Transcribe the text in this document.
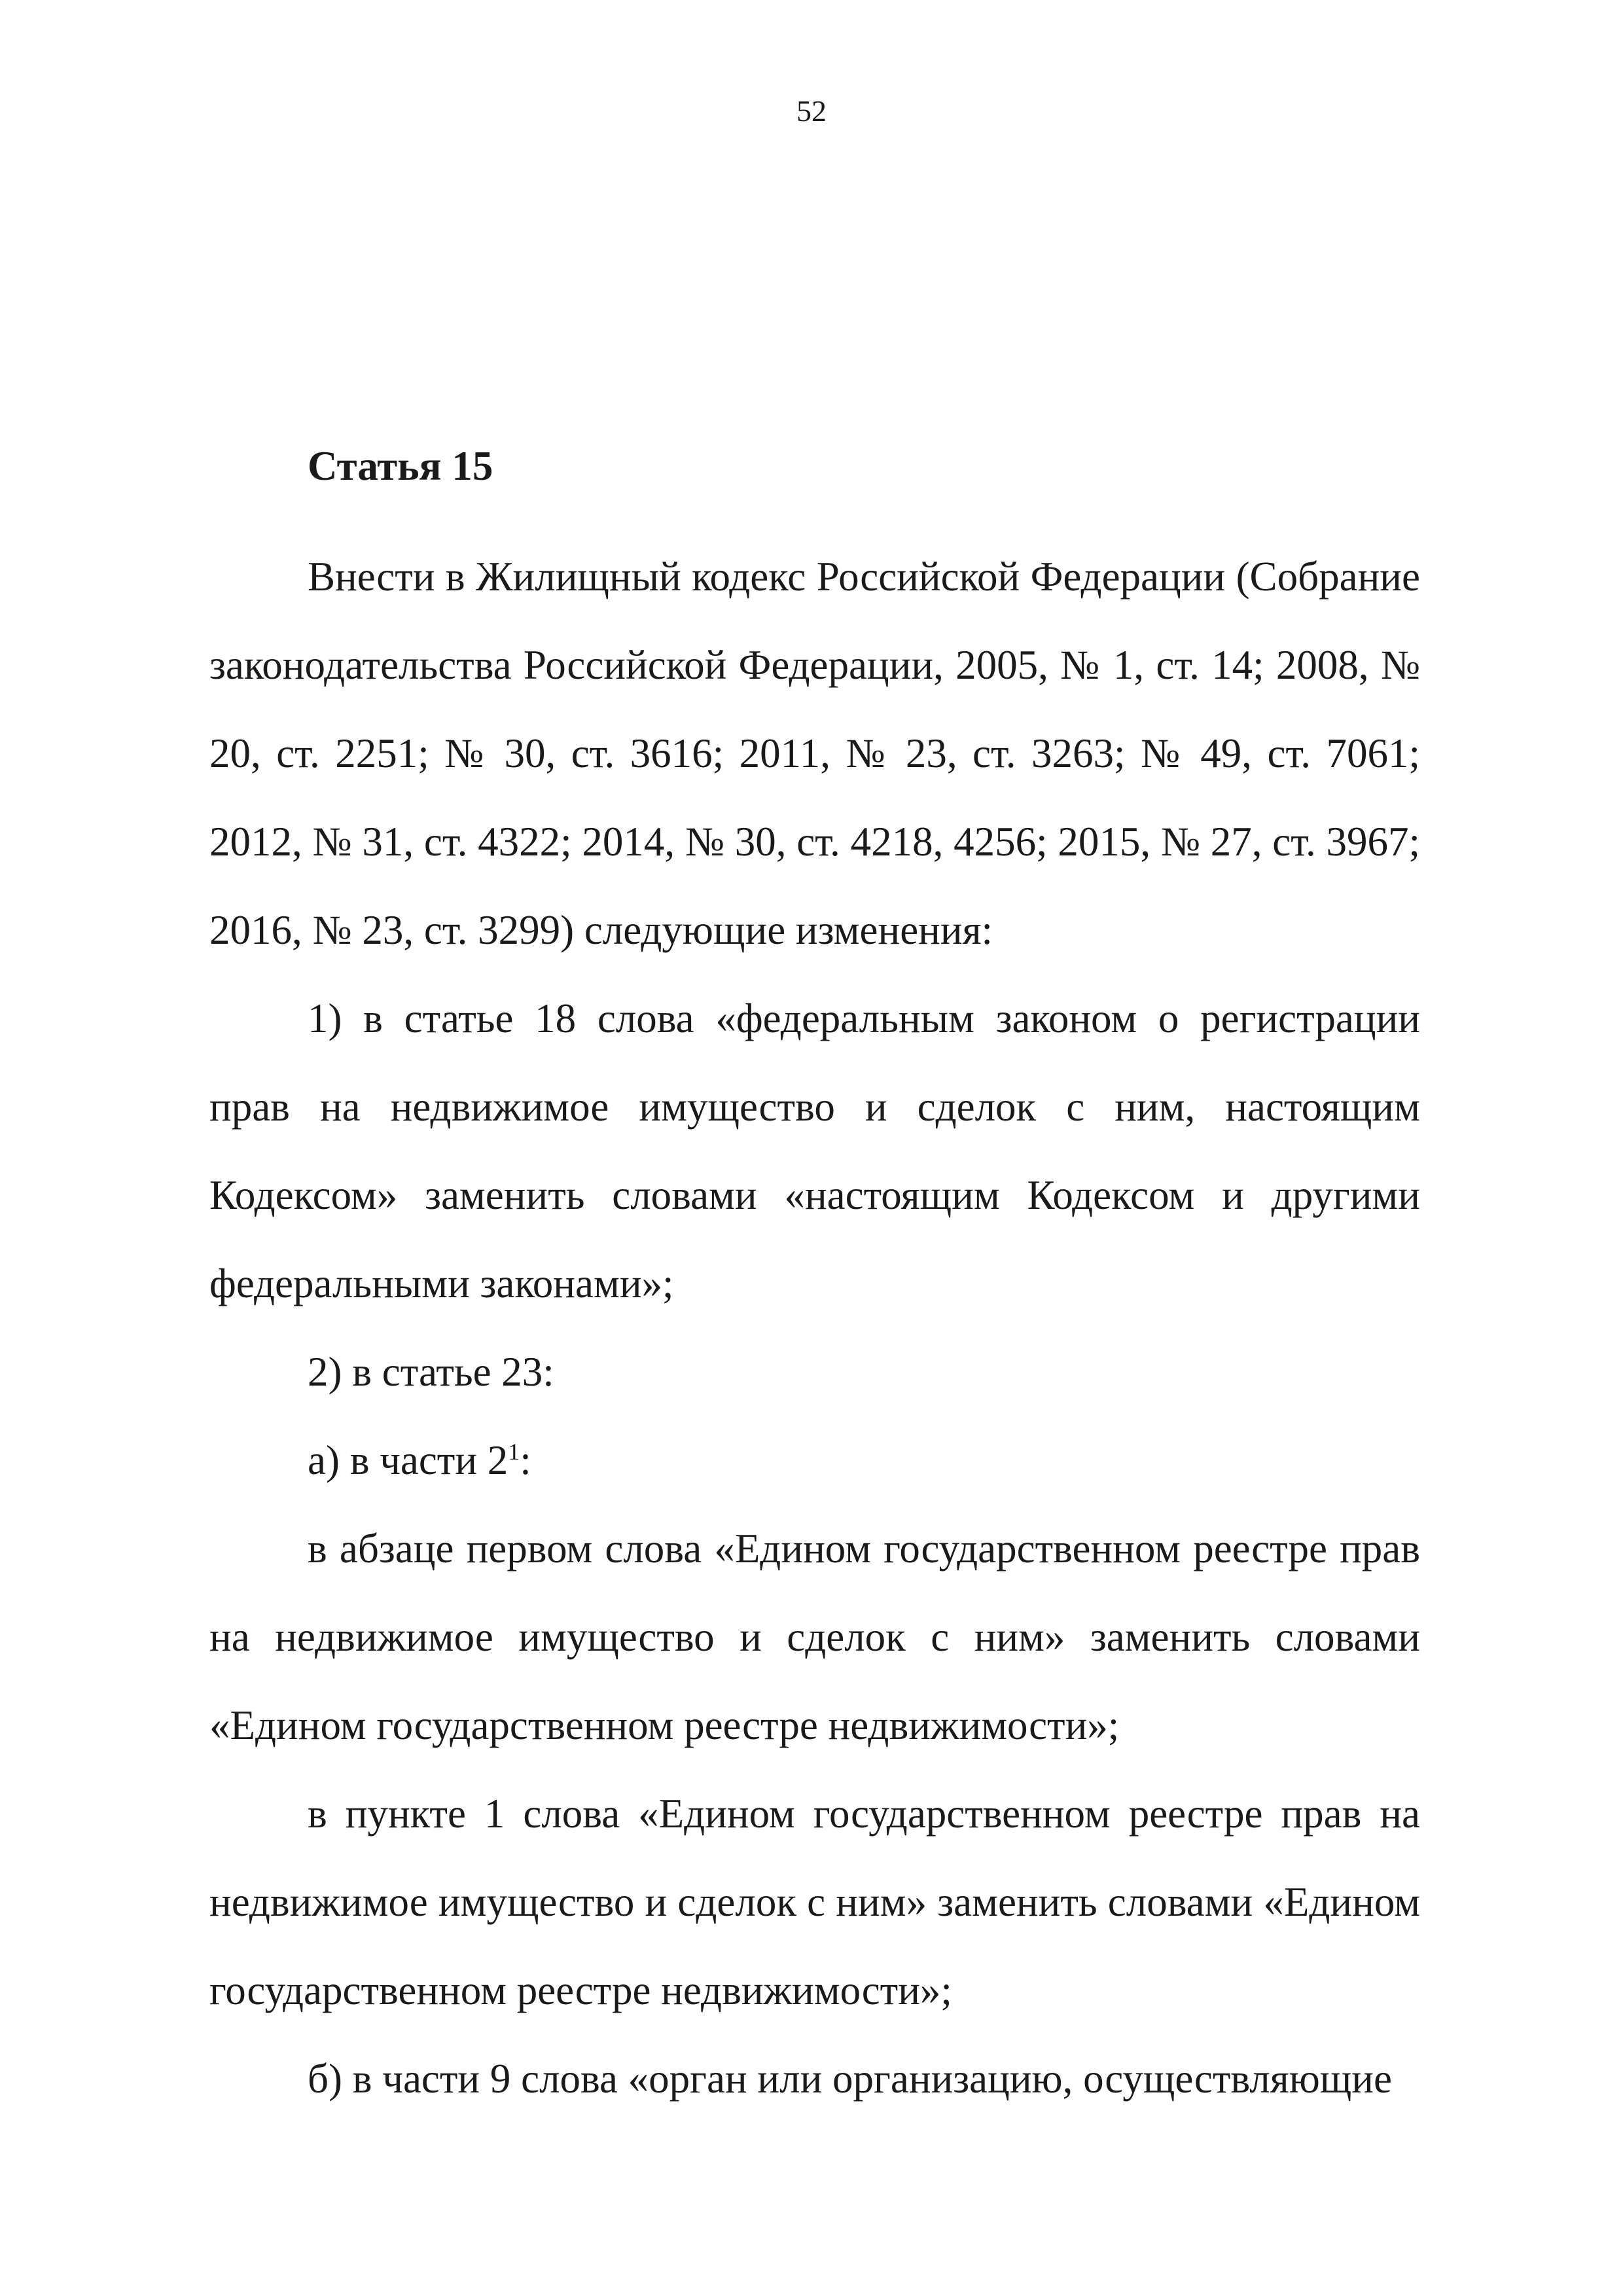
52
Статья 15

Внести в Жилищный кодекс Российской Федерации (Собрание законодательства Российской Федерации, 2005, № 1, ст. 14; 2008, № 20, ст. 2251; № 30, ст. 3616; 2011, № 23, ст. 3263; № 49, ст. 7061; 2012, № 31, ст. 4322; 2014, № 30, ст. 4218, 4256; 2015, № 27, ст. 3967; 2016, № 23, ст. 3299) следующие изменения:

1) в статье 18 слова «федеральным законом о регистрации прав на недвижимое имущество и сделок с ним, настоящим Кодексом» заменить словами «настоящим Кодексом и другими федеральными законами»;

2) в статье 23:

а) в части $2^1$:

в абзаце первом слова «Едином государственном реестре прав на недвижимое имущество и сделок с ним» заменить словами «Едином государственном реестре недвижимости»;

в пункте 1 слова «Едином государственном реестре прав на недвижимое имущество и сделок с ним» заменить словами «Едином государственном реестре недвижимости»;

б) в части 9 слова «орган или организацию, осуществляющие
